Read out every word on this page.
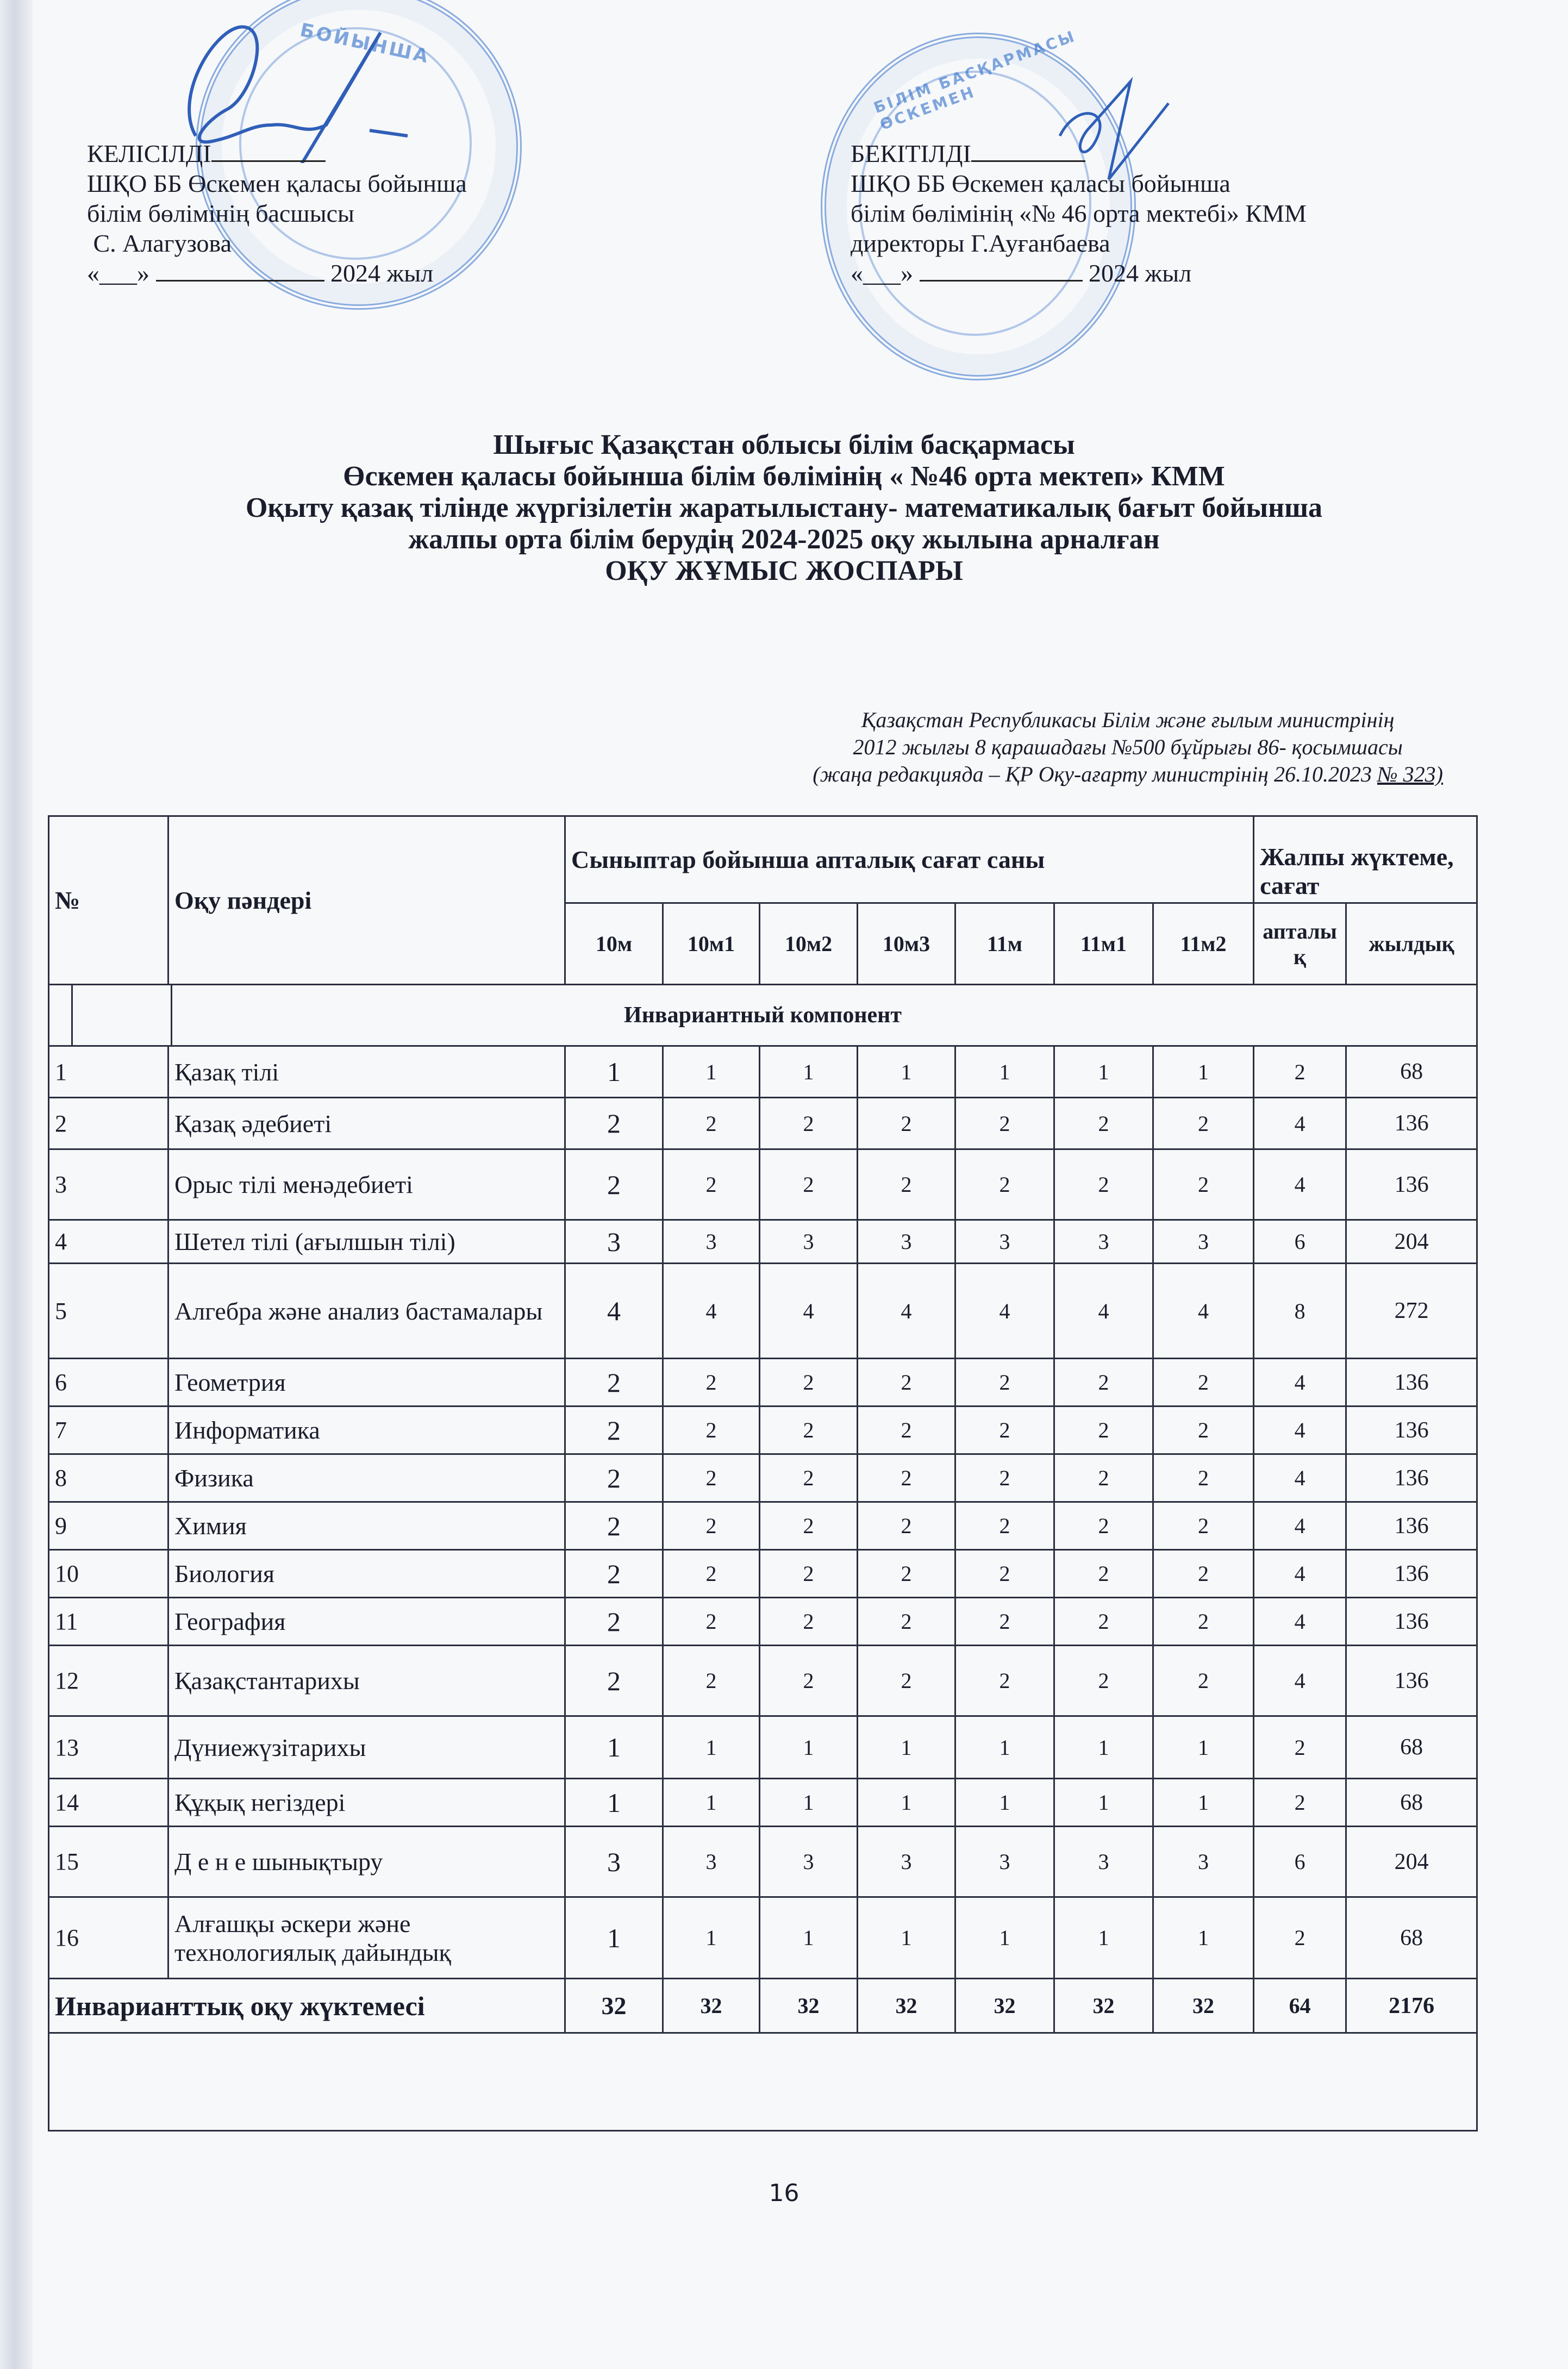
БОЙЫНША	БІЛІМ БАСҚАРМАСЫ ӨСКЕМЕН
КЕЛІСІЛДІ
ШҚО ББ Өскемен қаласы бойынша
білім бөлімінің басшысы
С. Алагузова
«___»	2024 жыл
БЕКІТІЛДІ
ШҚО ББ Өскемен қаласы бойынша
білім бөлімінің «№ 46 орта мектебі» КММ
директоры Г.Ауғанбаева
«___»	2024 жыл
Шығыс Қазақстан облысы білім басқармасы
Өскемен қаласы бойынша білім бөлімінің « №46 орта мектеп» КММ
Оқыту қазақ тілінде жүргізілетін жаратылыстану- математикалық бағыт бойынша
жалпы орта білім берудің 2024-2025 оқу жылына арналған
ОҚУ ЖҰМЫС ЖОСПАРЫ
Қазақстан Республикасы Білім және ғылым министрінің
2012 жылғы 8 қарашадағы №500 бұйрығы 86- қосымшасы
(жаңа редакцияда – ҚР Оқу-ағарту министрінің 26.10.2023 № 323)
№	Оқу пәндері	Сыныптар бойынша апталық сағат саны							Жалпы жүктеме, сағат	
		10м	10м1	10м2	10м3	11м	11м1	11м2	апталық	жылдық

Инвариантный компонент										
1	Қазақ тілі	1	1	1	1	1	1	1	2	68
2	Қазақ әдебиеті	2	2	2	2	2	2	2	4	136
3	Орыс тілі менәдебиеті	2	2	2	2	2	2	2	4	136
4	Шетел тілі (ағылшын тілі)	3	3	3	3	3	3	3	6	204
5	Алгебра және анализ бастамалары	4	4	4	4	4	4	4	8	272
6	Геометрия	2	2	2	2	2	2	2	4	136
7	Информатика	2	2	2	2	2	2	2	4	136
8	Физика	2	2	2	2	2	2	2	4	136
9	Химия	2	2	2	2	2	2	2	4	136
10	Биология	2	2	2	2	2	2	2	4	136
11	География	2	2	2	2	2	2	2	4	136
12	Қазақстантарихы	2	2	2	2	2	2	2	4	136
13	Дүниежүзітарихы	1	1	1	1	1	1	1	2	68
14	Құқық негіздері	1	1	1	1	1	1	1	2	68
15	Д е н е шынықтыру	3	3	3	3	3	3	3	6	204
16	Алғашқы әскери және технологиялық дайындық	1	1	1	1	1	1	1	2	68
Инварианттық оқу жүктемесі		32	32	32	32	32	32	32	64	2176

16
